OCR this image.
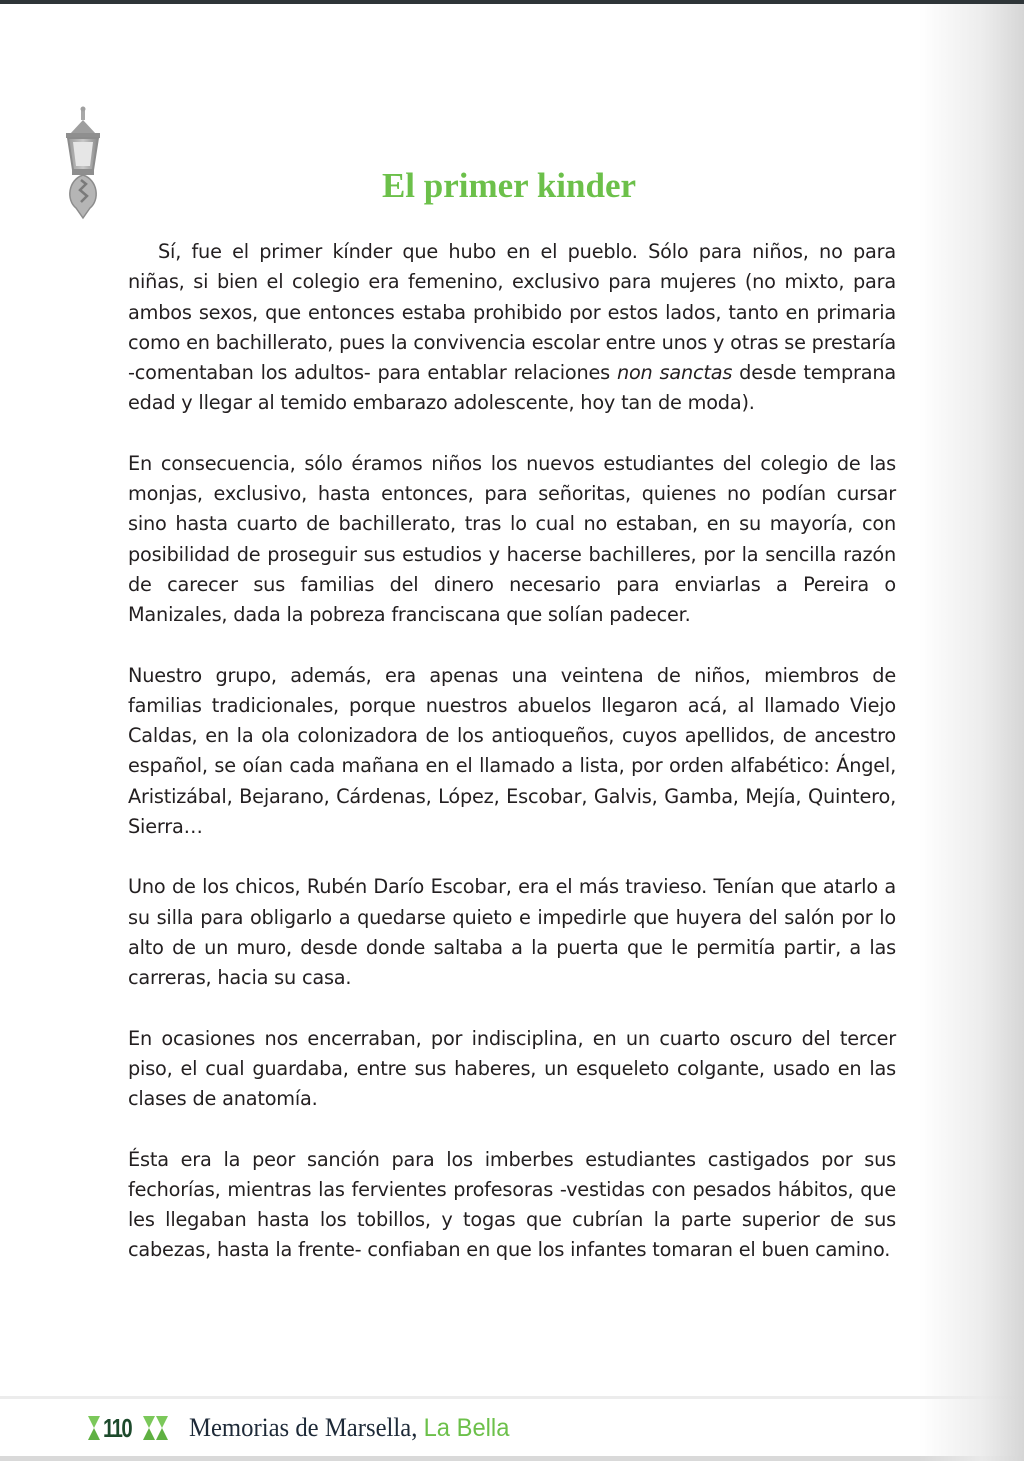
El primer kinder

Sí, fue el primer kínder que hubo en el pueblo. Sólo para niños, no para niñas, si bien el colegio era femenino, exclusivo para mujeres (no mixto, para ambos sexos, que entonces estaba prohibido por estos lados, tanto en primaria como en bachillerato, pues la convivencia escolar entre unos y otras se prestaría -comentaban los adultos- para entablar relaciones non sanctas desde temprana edad y llegar al temido embarazo adolescente, hoy tan de moda).

En consecuencia, sólo éramos niños los nuevos estudiantes del colegio de las monjas, exclusivo, hasta entonces, para señoritas, quienes no podían cursar sino hasta cuarto de bachillerato, tras lo cual no estaban, en su mayoría, con posibilidad de proseguir sus estudios y hacerse bachilleres, por la sencilla razón de carecer sus familias del dinero necesario para enviarlas a Pereira o Manizales, dada la pobreza franciscana que solían padecer.

Nuestro grupo, además, era apenas una veintena de niños, miembros de familias tradicionales, porque nuestros abuelos llegaron acá, al llamado Viejo Caldas, en la ola colonizadora de los antioqueños, cuyos apellidos, de ancestro español, se oían cada mañana en el llamado a lista, por orden alfabético: Ángel, Aristizábal, Bejarano, Cárdenas, López, Escobar, Galvis, Gamba, Mejía, Quintero, Sierra…

Uno de los chicos, Rubén Darío Escobar, era el más travieso. Tenían que atarlo a su silla para obligarlo a quedarse quieto e impedirle que huyera del salón por lo alto de un muro, desde donde saltaba a la puerta que le permitía partir, a las carreras, hacia su casa.

En ocasiones nos encerraban, por indisciplina, en un cuarto oscuro del tercer piso, el cual guardaba, entre sus haberes, un esqueleto colgante, usado en las clases de anatomía.

Ésta era la peor sanción para los imberbes estudiantes castigados por sus fechorías, mientras las fervientes profesoras -vestidas con pesados hábitos, que les llegaban hasta los tobillos, y togas que cubrían la parte superior de sus cabezas, hasta la frente- confiaban en que los infantes tomaran el buen camino.

110 Memorias de Marsella, La Bella
